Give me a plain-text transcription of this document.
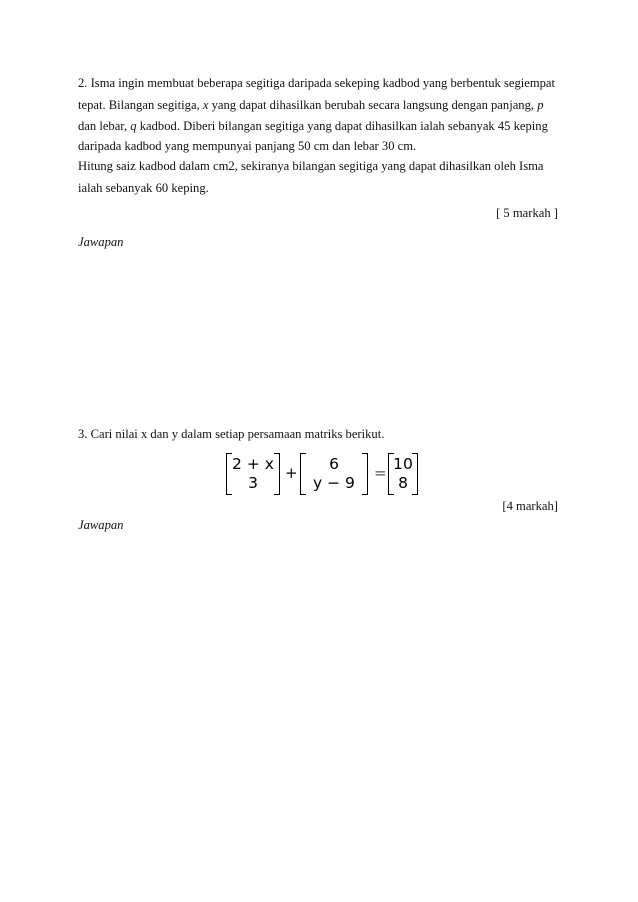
2. Isma ingin membuat beberapa segitiga daripada sekeping kadbod yang berbentuk segiempat
tepat. Bilangan segitiga, x yang dapat dihasilkan berubah secara langsung dengan panjang, p
dan lebar, q kadbod. Diberi bilangan segitiga yang dapat dihasilkan ialah sebanyak 45 keping
daripada kadbod yang mempunyai panjang 50 cm dan lebar 30 cm.
Hitung saiz kadbod dalam cm2, sekiranya bilangan segitiga yang dapat dihasilkan oleh Isma
ialah sebanyak 60 keping.
[ 5 markah ]
Jawapan
3. Cari nilai x dan y dalam setiap persamaan matriks berikut.
2 + x
3
+	6
y − 9
= 10
8
[4 markah]
Jawapan
